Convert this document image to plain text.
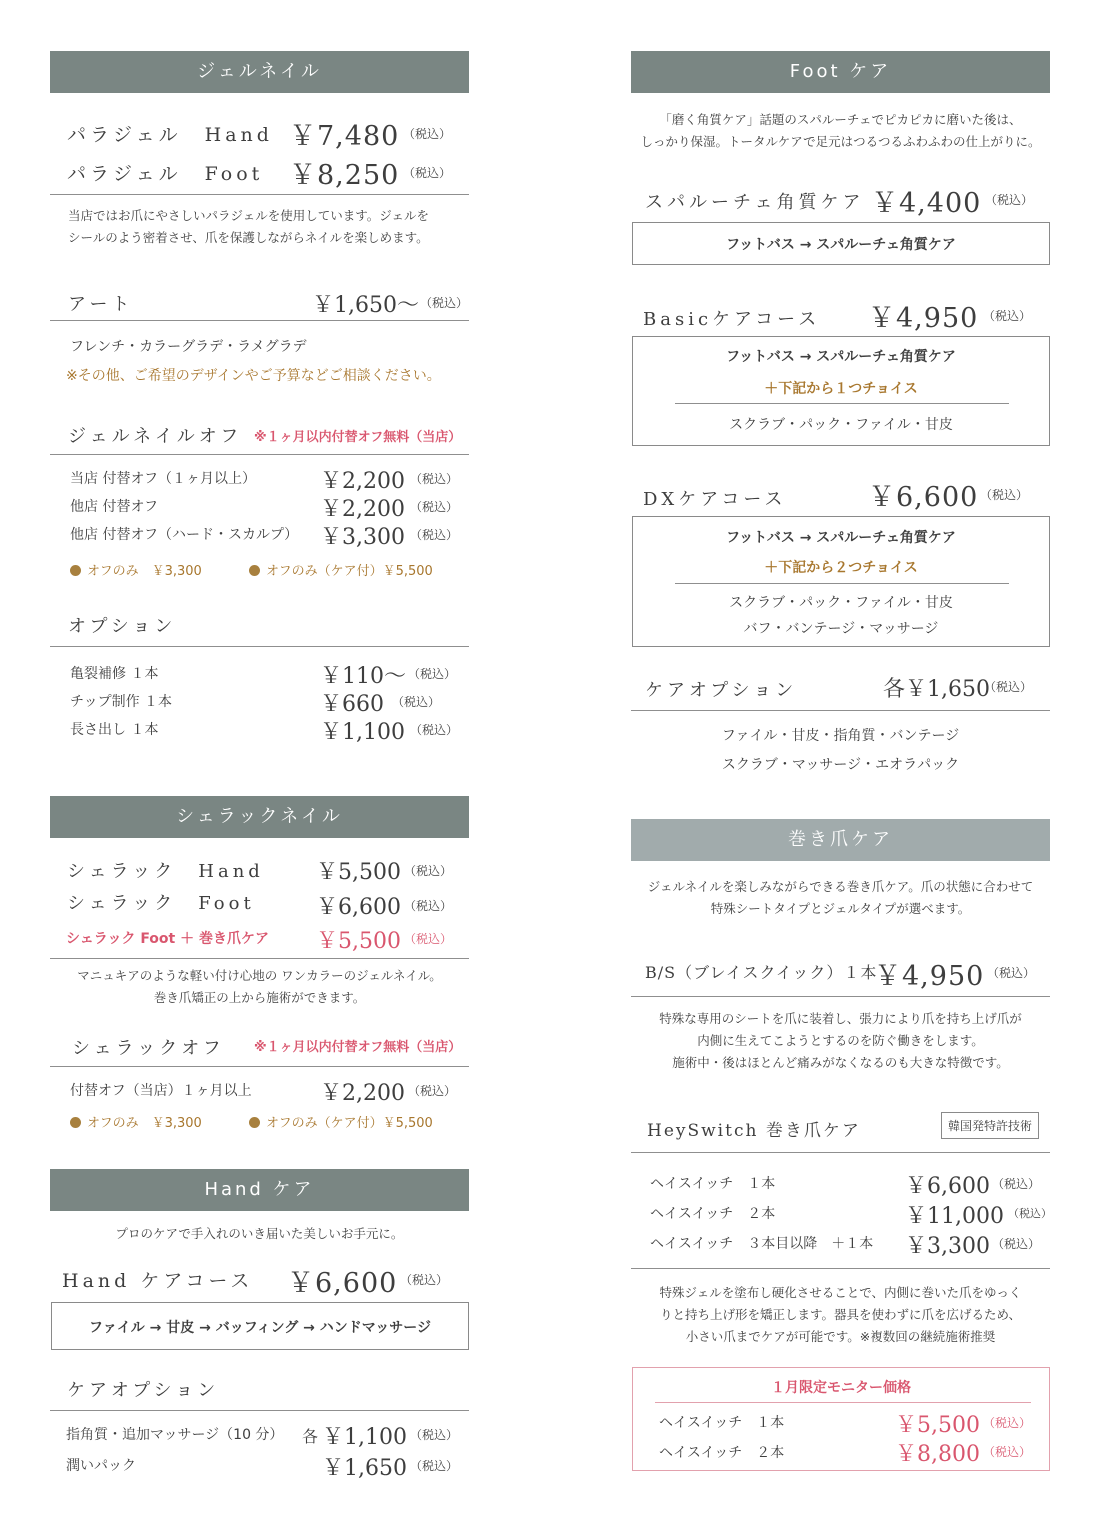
ジェルネイル
パラジェル　Hand ￥7,480 （税込）
パラジェル　Foot ￥8,250 （税込）
当店ではお爪にやさしいパラジェルを使用しています。ジェルを
シールのよう密着させ、爪を保護しながらネイルを楽しめます。
アート	￥1,650〜 （税込）
フレンチ・カラーグラデ・ラメグラデ
※その他、ご希望のデザインやご予算などご相談ください。
ジェルネイルオフ ※１ヶ月以内付替オフ無料（当店）
当店 付替オフ（１ヶ月以上）	￥2,200 （税込）
他店 付替オフ	￥2,200 （税込）
他店 付替オフ（ハード・スカルプ） ￥3,300 （税込）
オフのみ　￥3,300	オフのみ（ケア付）￥5,500
オプション
亀裂補修 １本	￥110〜 （税込）
チップ制作 １本	￥660 （税込）
長さ出し １本	￥1,100 （税込）
シェラックネイル
シェラック　Hand ￥5,500 （税込）
シェラック　Foot	￥6,600 （税込）
シェラック Foot ＋ 巻き爪ケア ￥5,500 （税込）
マニュキアのような軽い付け心地の ワンカラーのジェルネイル。
巻き爪矯正の上から施術ができます。
シェラックオフ ※１ヶ月以内付替オフ無料（当店）
付替オフ（当店）１ヶ月以上	￥2,200 （税込）
オフのみ　￥3,300	オフのみ（ケア付）￥5,500
Hand ケア
プロのケアで手入れのいき届いた美しいお手元に。
Hand ケアコース ￥6,600 （税込）
ファイル → 甘皮 → バッフィング → ハンドマッサージ
ケアオプション
指角質・追加マッサージ（10 分） 各 ￥1,100 （税込）
潤いパック	￥1,650 （税込）
Foot ケア
「磨く角質ケア」話題のスパルーチェでピカピカに磨いた後は、
しっかり保湿。トータルケアで足元はつるつるふわふわの仕上がりに。
スパルーチェ角質ケア ￥4,400 （税込）
フットバス → スパルーチェ角質ケア
Basicケアコース ￥4,950 （税込）
フットバス → スパルーチェ角質ケア
＋下記から１つチョイス
スクラブ・パック・ファイル・甘皮
DXケアコース	￥6,600 （税込）
フットバス → スパルーチェ角質ケア
＋下記から２つチョイス
スクラブ・パック・ファイル・甘皮
バフ・バンテージ・マッサージ
ケアオプション	各￥1,650
（税込）
ファイル・甘皮・指角質・バンテージ
スクラブ・マッサージ・エオラパック
巻き爪ケア
ジェルネイルを楽しみながらできる巻き爪ケア。爪の状態に合わせて
特殊シートタイプとジェルタイプが選べます。
B/S（ブレイスクイック）１本
￥4,950 （税込）
特殊な専用のシートを爪に装着し、張力により爪を持ち上げ爪が
内側に生えてこようとするのを防ぐ働きをします。
施術中・後はほとんど痛みがなくなるのも大きな特徴です。
HeySwitch 巻き爪ケア	韓国発特許技術
ヘイスイッチ　１本	￥6,600 （税込）
ヘイスイッチ　２本	￥11,000 （税込）
ヘイスイッチ　３本目以降　＋１本 ￥3,300 （税込）
特殊ジェルを塗布し硬化させることで、内側に巻いた爪をゆっく
りと持ち上げ形を矯正します。器具を使わずに爪を広げるため、
小さい爪までケアが可能です。※複数回の継続施術推奨
１月限定モニター価格
ヘイスイッチ　１本	￥5,500 （税込）
ヘイスイッチ　２本	￥8,800 （税込）
